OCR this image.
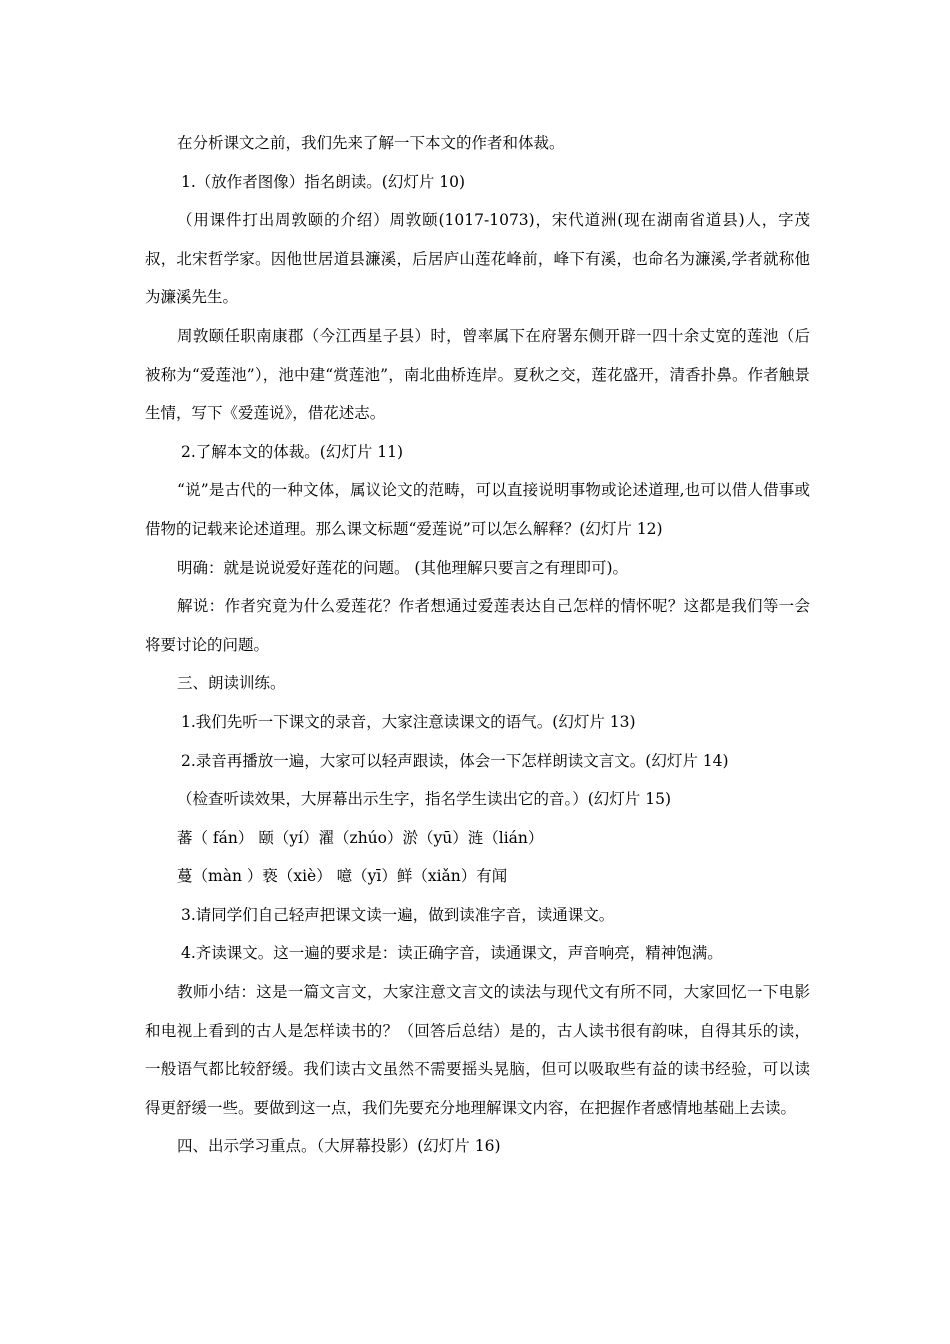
在分析课文之前，我们先来了解一下本文的作者和体裁。

1.（放作者图像）指名朗读。(幻灯片 10)

（用课件打出周敦颐的介绍）周敦颐(1017-1073)，宋代道洲(现在湖南省道县)人，字茂叔，北宋哲学家。因他世居道县濂溪，后居庐山莲花峰前，峰下有溪，也命名为濂溪,学者就称他为濂溪先生。

周敦颐任职南康郡（今江西星子县）时，曾率属下在府署东侧开辟一四十余丈宽的莲池（后被称为“爱莲池”），池中建“赏莲池”，南北曲桥连岸。夏秋之交，莲花盛开，清香扑鼻。作者触景生情，写下《爱莲说》，借花述志。

2.了解本文的体裁。(幻灯片 11)

“说”是古代的一种文体，属议论文的范畴，可以直接说明事物或论述道理,也可以借人借事或借物的记载来论述道理。那么课文标题“爱莲说”可以怎么解释？(幻灯片 12)

明确：就是说说爱好莲花的问题。 (其他理解只要言之有理即可)。

解说：作者究竟为什么爱莲花？作者想通过爱莲表达自己怎样的情怀呢？这都是我们等一会将要讨论的问题。

三、朗读训练。

1.我们先听一下课文的录音，大家注意读课文的语气。(幻灯片 13)

2.录音再播放一遍，大家可以轻声跟读，体会一下怎样朗读文言文。(幻灯片 14)

（检查听读效果，大屏幕出示生字，指名学生读出它的音。）(幻灯片 15)

蕃（ fán） 颐（yí）濯（zhúo）淤（yū）涟（lián）

蔓（màn ）亵（xiè） 噫（yī）鲜（xiǎn）有闻

3.请同学们自己轻声把课文读一遍，做到读准字音，读通课文。

4.齐读课文。这一遍的要求是：读正确字音，读通课文，声音响亮，精神饱满。

教师小结：这是一篇文言文，大家注意文言文的读法与现代文有所不同，大家回忆一下电影和电视上看到的古人是怎样读书的？（回答后总结）是的，古人读书很有韵味，自得其乐的读，一般语气都比较舒缓。我们读古文虽然不需要摇头晃脑，但可以吸取些有益的读书经验，可以读得更舒缓一些。要做到这一点，我们先要充分地理解课文内容，在把握作者感情地基础上去读。

四、出示学习重点。（大屏幕投影）(幻灯片 16)
